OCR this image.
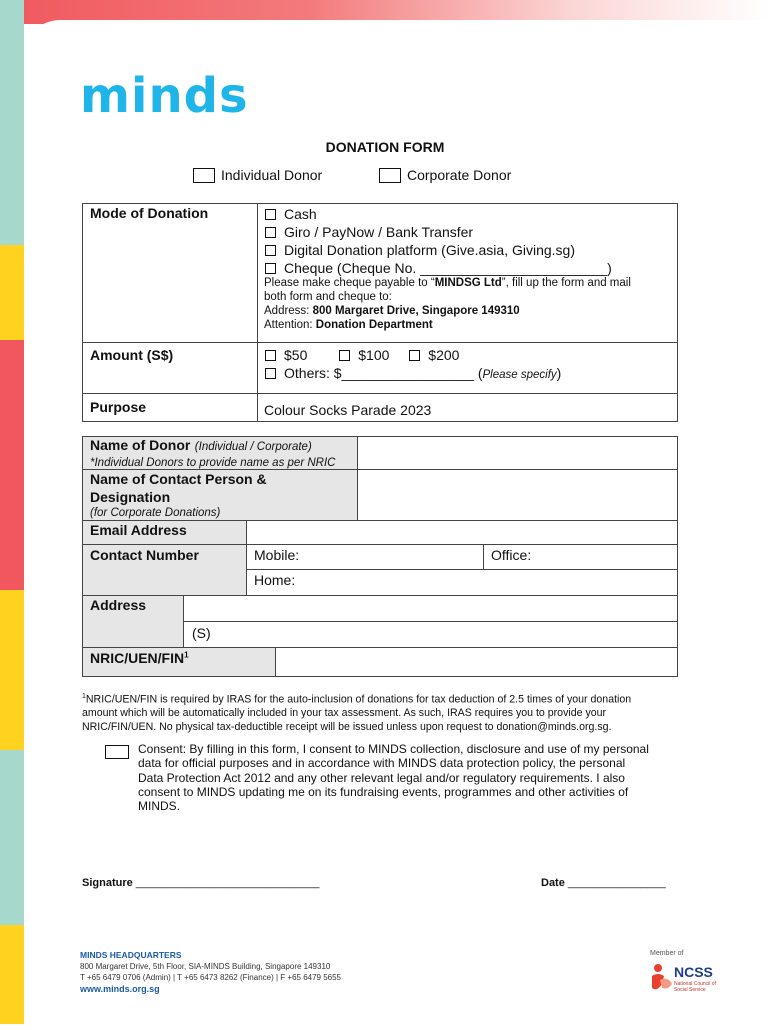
minds
DONATION FORM
Individual Donor	Corporate Donor
Mode of Donation	Cash
Giro / PayNow / Bank Transfer
Digital Donation platform (Give.asia, Giving.sg)
Cheque (Cheque No. ________________________)
Please make cheque payable to “MINDSG Ltd”, fill up the form and mail
both form and cheque to:
Address: 800 Margaret Drive, Singapore 149310
Attention: Donation Department
Amount (S$)	$50	$100	$200
Others: $_________________ (Please specify)
Purpose	Colour Socks Parade 2023
Name of Donor (Individual / Corporate)
*Individual Donors to provide name as per NRIC
Name of Contact Person &
Designation
(for Corporate Donations)
Email Address
Contact Number	Mobile:	Office:
Home:
Address
(S)
NRIC/UEN/FIN$^1$
$^1$NRIC/UEN/FIN is required by IRAS for the auto-inclusion of donations for tax deduction of 2.5 times of your donation
amount which will be automatically included in your tax assessment. As such, IRAS requires you to provide your
NRIC/FIN/UEN. No physical tax-deductible receipt will be issued unless upon request to donation@minds.org.sg.
Consent: By filling in this form, I consent to MINDS collection, disclosure and use of my personal
data for official purposes and in accordance with MINDS data protection policy, the personal
Data Protection Act 2012 and any other relevant legal and/or regulatory requirements. I also
consent to MINDS updating me on its fundraising events, programmes and other activities of
MINDS.
Signature ______________________________	Date ________________
MINDS HEADQUARTERS
800 Margaret Drive, 5th Floor, SIA-MINDS Building, Singapore 149310
T +65 6479 0706 (Admin) | T +65 6473 8262 (Finance) | F +65 6479 5655
www.minds.org.sg
Member of
NCSS
National Council of Social Service
